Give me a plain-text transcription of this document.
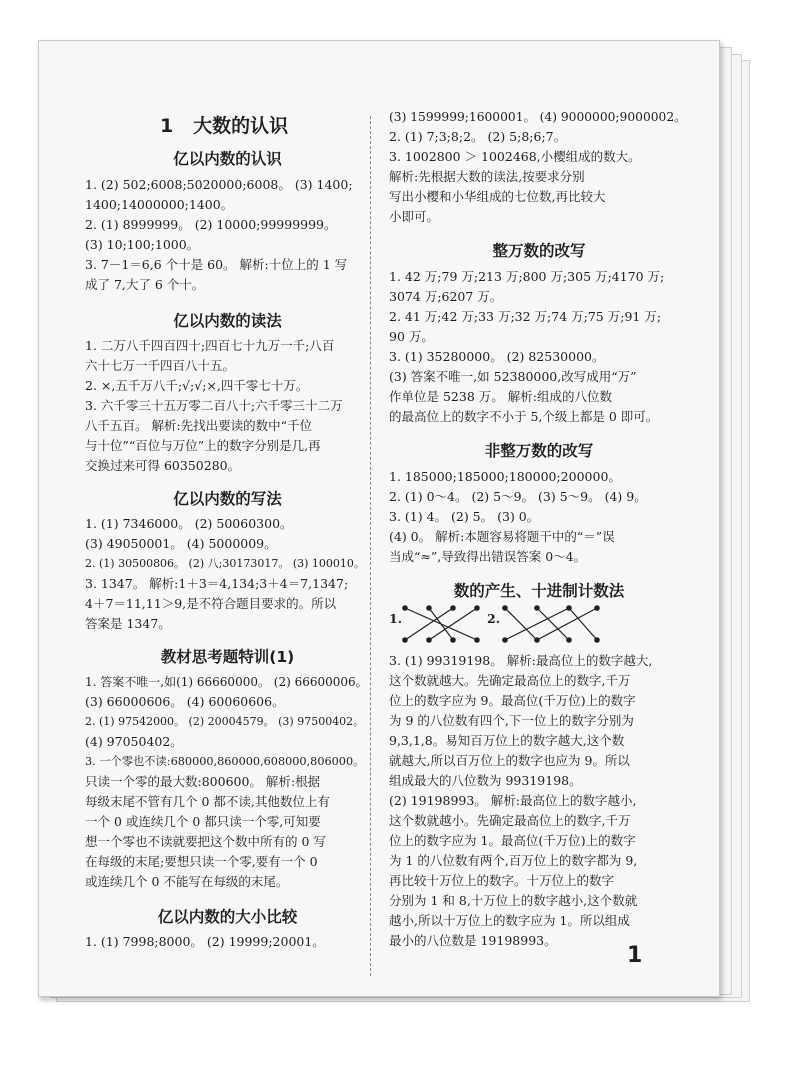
1 大数的认识
亿以内数的认识
1. (2) 502;6008;5020000;6008。 (3) 1400;
1400;14000000;1400。
2. (1) 8999999。 (2) 10000;99999999。
(3) 10;100;1000。
3. 7－1＝6,6 个十是 60。 解析:十位上的 1 写
成了 7,大了 6 个十。
亿以内数的读法
1. 二万八千四百四十;四百七十九万一千;八百
六十七万一千四百八十五。
2. ×,五千万八千;√;√;×,四千零七十万。
3. 六千零三十五万零二百八十;六千零三十二万
八千五百。 解析:先找出要读的数中“千位
与十位”“百位与万位”上的数字分别是几,再
交换过来可得 60350280。
亿以内数的写法
1. (1) 7346000。 (2) 50060300。
(3) 49050001。 (4) 5000009。
2. (1) 30500806。 (2) 八;30173017。 (3) 100010。
3. 1347。 解析:1＋3＝4,134;3＋4＝7,1347;
4＋7＝11,11＞9,是不符合题目要求的。所以
答案是 1347。
教材思考题特训(1)
1. 答案不唯一,如(1) 66660000。 (2) 66600006。
(3) 66000606。 (4) 60060606。
2. (1) 97542000。 (2) 20004579。 (3) 97500402。
(4) 97050402。
3. 一个零也不读:680000,860000,608000,806000。
只读一个零的最大数:800600。 解析:根据
每级末尾不管有几个 0 都不读,其他数位上有
一个 0 或连续几个 0 都只读一个零,可知要
想一个零也不读就要把这个数中所有的 0 写
在每级的末尾;要想只读一个零,要有一个 0
或连续几个 0 不能写在每级的末尾。
亿以内数的大小比较
1. (1) 7998;8000。 (2) 19999;20001。
(3) 1599999;1600001。 (4) 9000000;9000002。
2. (1) 7;3;8;2。 (2) 5;8;6;7。
3. 1002800 ＞ 1002468,小樱组成的数大。
解析:先根据大数的读法,按要求分别
写出小樱和小华组成的七位数,再比较大
小即可。
整万数的改写
1. 42 万;79 万;213 万;800 万;305 万;4170 万;
3074 万;6207 万。
2. 41 万;42 万;33 万;32 万;74 万;75 万;91 万;
90 万。
3. (1) 35280000。 (2) 82530000。
(3) 答案不唯一,如 52380000,改写成用“万”
作单位是 5238 万。 解析:组成的八位数
的最高位上的数字不小于 5,个级上都是 0 即可。
非整万数的改写
1. 185000;185000;180000;200000。
2. (1) 0～4。 (2) 5～9。 (3) 5～9。 (4) 9。
3. (1) 4。 (2) 5。 (3) 0。
(4) 0。 解析:本题容易将题干中的“＝”误
当成“≈”,导致得出错误答案 0～4。
数的产生、十进制计数法
1.	2.
3. (1) 99319198。 解析:最高位上的数字越大,
这个数就越大。先确定最高位上的数字,千万
位上的数字应为 9。最高位(千万位)上的数字
为 9 的八位数有四个,下一位上的数字分别为
9,3,1,8。易知百万位上的数字越大,这个数
就越大,所以百万位上的数字也应为 9。所以
组成最大的八位数为 99319198。
(2) 19198993。 解析:最高位上的数字越小,
这个数就越小。先确定最高位上的数字,千万
位上的数字应为 1。最高位(千万位)上的数字
为 1 的八位数有两个,百万位上的数字都为 9,
再比较十万位上的数字。十万位上的数字
分别为 1 和 8,十万位上的数字越小,这个数就
越小,所以十万位上的数字应为 1。所以组成
最小的八位数是 19198993。
1
